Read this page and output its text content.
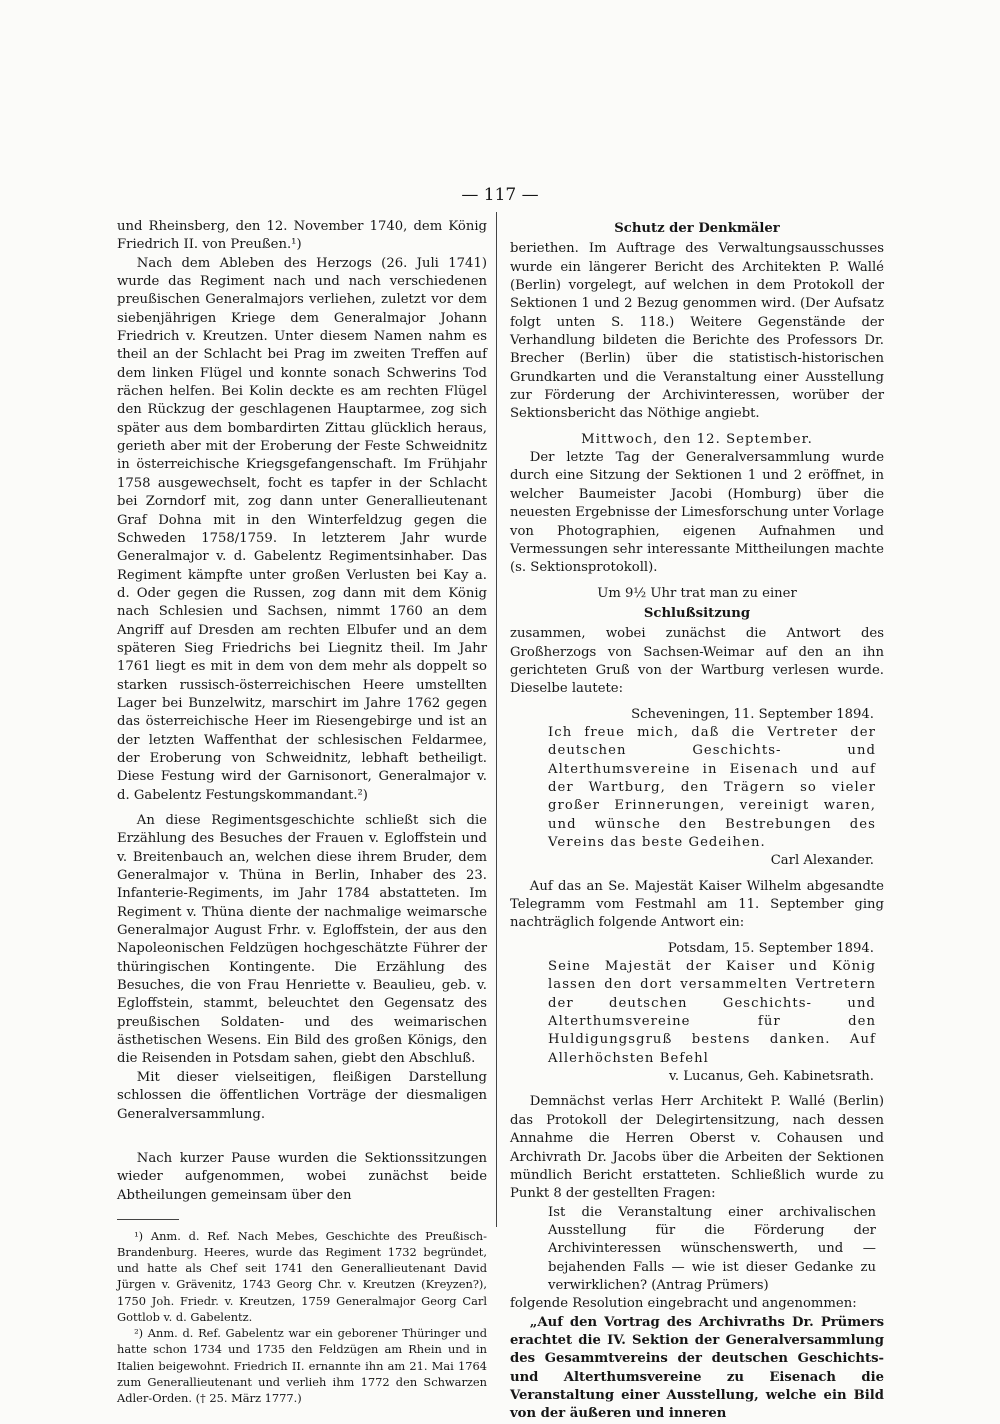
— 117 —

und Rheinsberg, den 12. November 1740, dem König Friedrich II. von Preußen.¹)

Nach dem Ableben des Herzogs (26. Juli 1741) wurde das Regiment nach und nach verschiedenen preußischen Generalmajors verliehen, zuletzt vor dem siebenjährigen Kriege dem Generalmajor Johann Friedrich v. Kreutzen. Unter diesem Namen nahm es theil an der Schlacht bei Prag im zweiten Treffen auf dem linken Flügel und konnte sonach Schwerins Tod rächen helfen. Bei Kolin deckte es am rechten Flügel den Rückzug der geschlagenen Hauptarmee, zog sich später aus dem bombardirten Zittau glücklich heraus, gerieth aber mit der Eroberung der Feste Schweidnitz in österreichische Kriegsgefangenschaft. Im Frühjahr 1758 ausgewechselt, focht es tapfer in der Schlacht bei Zorndorf mit, zog dann unter Generallieutenant Graf Dohna mit in den Winterfeldzug gegen die Schweden 1758/1759. In letzterem Jahr wurde Generalmajor v. d. Gabelentz Regimentsinhaber. Das Regiment kämpfte unter großen Verlusten bei Kay a. d. Oder gegen die Russen, zog dann mit dem König nach Schlesien und Sachsen, nimmt 1760 an dem Angriff auf Dresden am rechten Elbufer und an dem späteren Sieg Friedrichs bei Liegnitz theil. Im Jahr 1761 liegt es mit in dem von dem mehr als doppelt so starken russisch-österreichischen Heere umstellten Lager bei Bunzelwitz, marschirt im Jahre 1762 gegen das österreichische Heer im Riesengebirge und ist an der letzten Waffenthat der schlesischen Feldarmee, der Eroberung von Schweidnitz, lebhaft betheiligt. Diese Festung wird der Garnisonort, Generalmajor v. d. Gabelentz Festungskommandant.²)

An diese Regimentsgeschichte schließt sich die Erzählung des Besuches der Frauen v. Egloffstein und v. Breitenbauch an, welchen diese ihrem Bruder, dem Generalmajor v. Thüna in Berlin, Inhaber des 23. Infanterie-Regiments, im Jahr 1784 abstatteten. Im Regiment v. Thüna diente der nachmalige weimarsche Generalmajor August Frhr. v. Egloffstein, der aus den Napoleonischen Feldzügen hochgeschätzte Führer der thüringischen Kontingente. Die Erzählung des Besuches, die von Frau Henriette v. Beaulieu, geb. v. Egloffstein, stammt, beleuchtet den Gegensatz des preußischen Soldaten- und des weimarischen ästhetischen Wesens. Ein Bild des großen Königs, den die Reisenden in Potsdam sahen, giebt den Abschluß.

Mit dieser vielseitigen, fleißigen Darstellung schlossen die öffentlichen Vorträge der diesmaligen Generalversammlung.

Nach kurzer Pause wurden die Sektionssitzungen wieder aufgenommen, wobei zunächst beide Abtheilungen gemeinsam über den

¹) Anm. d. Ref. Nach Mebes, Geschichte des Preußisch-Brandenburg. Heeres, wurde das Regiment 1732 begründet, und hatte als Chef seit 1741 den Generallieutenant David Jürgen v. Grävenitz, 1743 Georg Chr. v. Kreutzen (Kreyzen?), 1750 Joh. Friedr. v. Kreutzen, 1759 Generalmajor Georg Carl Gottlob v. d. Gabelentz.

²) Anm. d. Ref. Gabelentz war ein geborener Thüringer und hatte schon 1734 und 1735 den Feldzügen am Rhein und in Italien beigewohnt. Friedrich II. ernannte ihn am 21. Mai 1764 zum Generallieutenant und verlieh ihm 1772 den Schwarzen Adler-Orden. († 25. März 1777.)

Schutz der Denkmäler

beriethen. Im Auftrage des Verwaltungsausschusses wurde ein längerer Bericht des Architekten P. Wallé (Berlin) vorgelegt, auf welchen in dem Protokoll der Sektionen 1 und 2 Bezug genommen wird. (Der Aufsatz folgt unten S. 118.) Weitere Gegenstände der Verhandlung bildeten die Berichte des Professors Dr. Brecher (Berlin) über die statistisch-historischen Grundkarten und die Veranstaltung einer Ausstellung zur Förderung der Archivinteressen, worüber der Sektionsbericht das Nöthige angiebt.

Mittwoch, den 12. September.

Der letzte Tag der Generalversammlung wurde durch eine Sitzung der Sektionen 1 und 2 eröffnet, in welcher Baumeister Jacobi (Homburg) über die neuesten Ergebnisse der Limesforschung unter Vorlage von Photographien, eigenen Aufnahmen und Vermessungen sehr interessante Mittheilungen machte (s. Sektionsprotokoll).

Um 9½ Uhr trat man zu einer

Schlußsitzung

zusammen, wobei zunächst die Antwort des Großherzogs von Sachsen-Weimar auf den an ihn gerichteten Gruß von der Wartburg verlesen wurde. Dieselbe lautete:

Scheveningen, 11. September 1894.

Ich freue mich, daß die Vertreter der deutschen Geschichts- und Alterthumsvereine in Eisenach und auf der Wartburg, den Trägern so vieler großer Erinnerungen, vereinigt waren, und wünsche den Bestrebungen des Vereins das beste Gedeihen.

Carl Alexander.

Auf das an Se. Majestät Kaiser Wilhelm abgesandte Telegramm vom Festmahl am 11. September ging nachträglich folgende Antwort ein:

Potsdam, 15. September 1894.

Seine Majestät der Kaiser und König lassen den dort versammelten Vertretern der deutschen Geschichts- und Alterthumsvereine für den Huldigungsgruß bestens danken. Auf Allerhöchsten Befehl

v. Lucanus, Geh. Kabinetsrath.

Demnächst verlas Herr Architekt P. Wallé (Berlin) das Protokoll der Delegirtensitzung, nach dessen Annahme die Herren Oberst v. Cohausen und Archivrath Dr. Jacobs über die Arbeiten der Sektionen mündlich Bericht erstatteten. Schließlich wurde zu Punkt 8 der gestellten Fragen:

Ist die Veranstaltung einer archivalischen Ausstellung für die Förderung der Archivinteressen wünschenswerth, und — bejahenden Falls — wie ist dieser Gedanke zu verwirklichen? (Antrag Prümers)

folgende Resolution eingebracht und angenommen:

„Auf den Vortrag des Archivraths Dr. Prümers erachtet die IV. Sektion der Generalversammlung des Gesammtvereins der deutschen Geschichts- und Alterthumsvereine zu Eisenach die Veranstaltung einer Ausstellung, welche ein Bild von der äußeren und inneren
